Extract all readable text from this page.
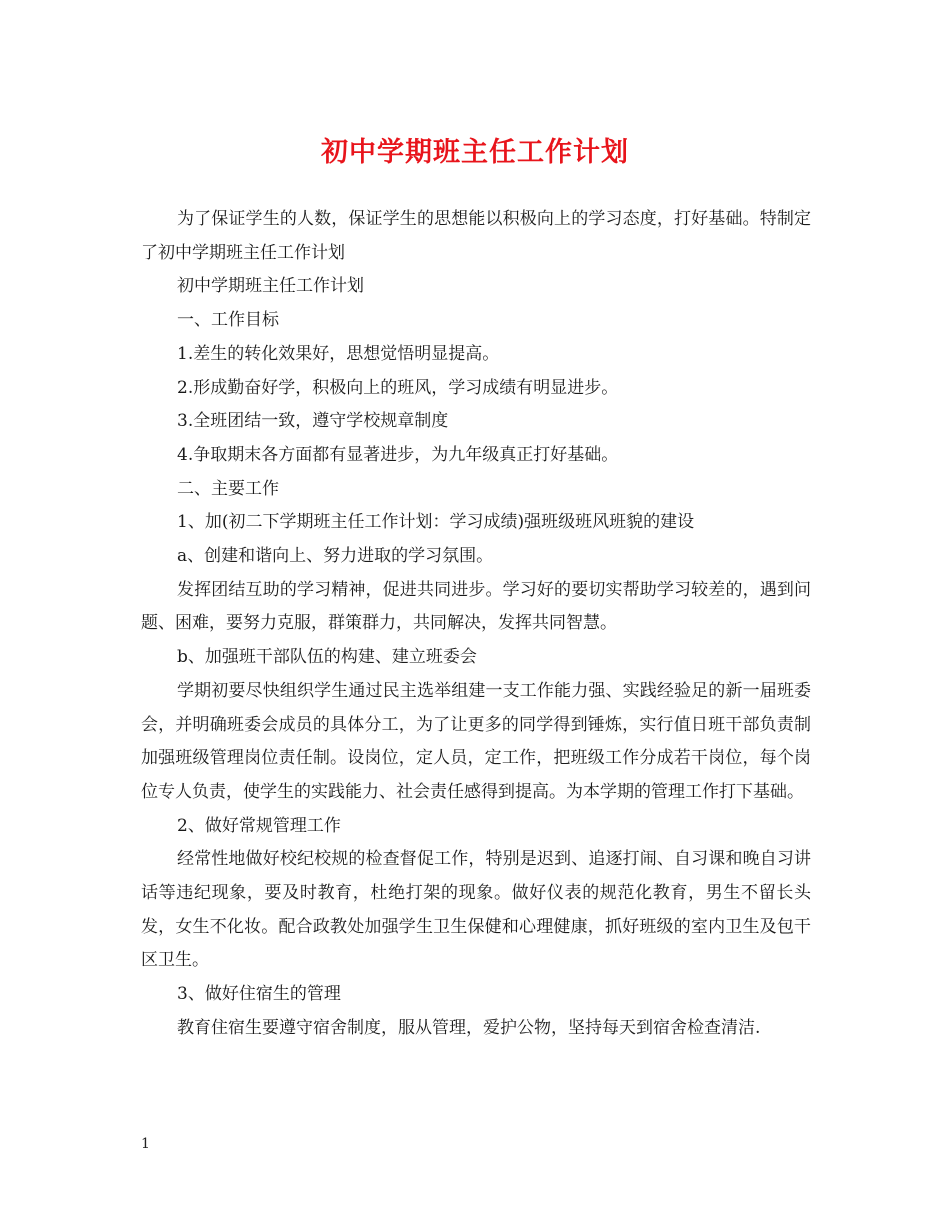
初中学期班主任工作计划

为了保证学生的人数，保证学生的思想能以积极向上的学习态度，打好基础。特制定了初中学期班主任工作计划

初中学期班主任工作计划

一、工作目标

1.差生的转化效果好，思想觉悟明显提高。

2.形成勤奋好学，积极向上的班风，学习成绩有明显进步。

3.全班团结一致，遵守学校规章制度

4.争取期末各方面都有显著进步，为九年级真正打好基础。

二、主要工作

1、加(初二下学期班主任工作计划：学习成绩)强班级班风班貌的建设

a、创建和谐向上、努力进取的学习氛围。

发挥团结互助的学习精神，促进共同进步。学习好的要切实帮助学习较差的，遇到问题、困难，要努力克服，群策群力，共同解决，发挥共同智慧。

b、加强班干部队伍的构建、建立班委会

学期初要尽快组织学生通过民主选举组建一支工作能力强、实践经验足的新一届班委会，并明确班委会成员的具体分工，为了让更多的同学得到锤炼，实行值日班干部负责制加强班级管理岗位责任制。设岗位，定人员，定工作，把班级工作分成若干岗位，每个岗位专人负责，使学生的实践能力、社会责任感得到提高。为本学期的管理工作打下基础。

2、做好常规管理工作

经常性地做好校纪校规的检查督促工作，特别是迟到、追逐打闹、自习课和晚自习讲话等违纪现象，要及时教育，杜绝打架的现象。做好仪表的规范化教育，男生不留长头发，女生不化妆。配合政教处加强学生卫生保健和心理健康，抓好班级的室内卫生及包干区卫生。

3、做好住宿生的管理

教育住宿生要遵守宿舍制度，服从管理，爱护公物，坚持每天到宿舍检查清洁.

1
